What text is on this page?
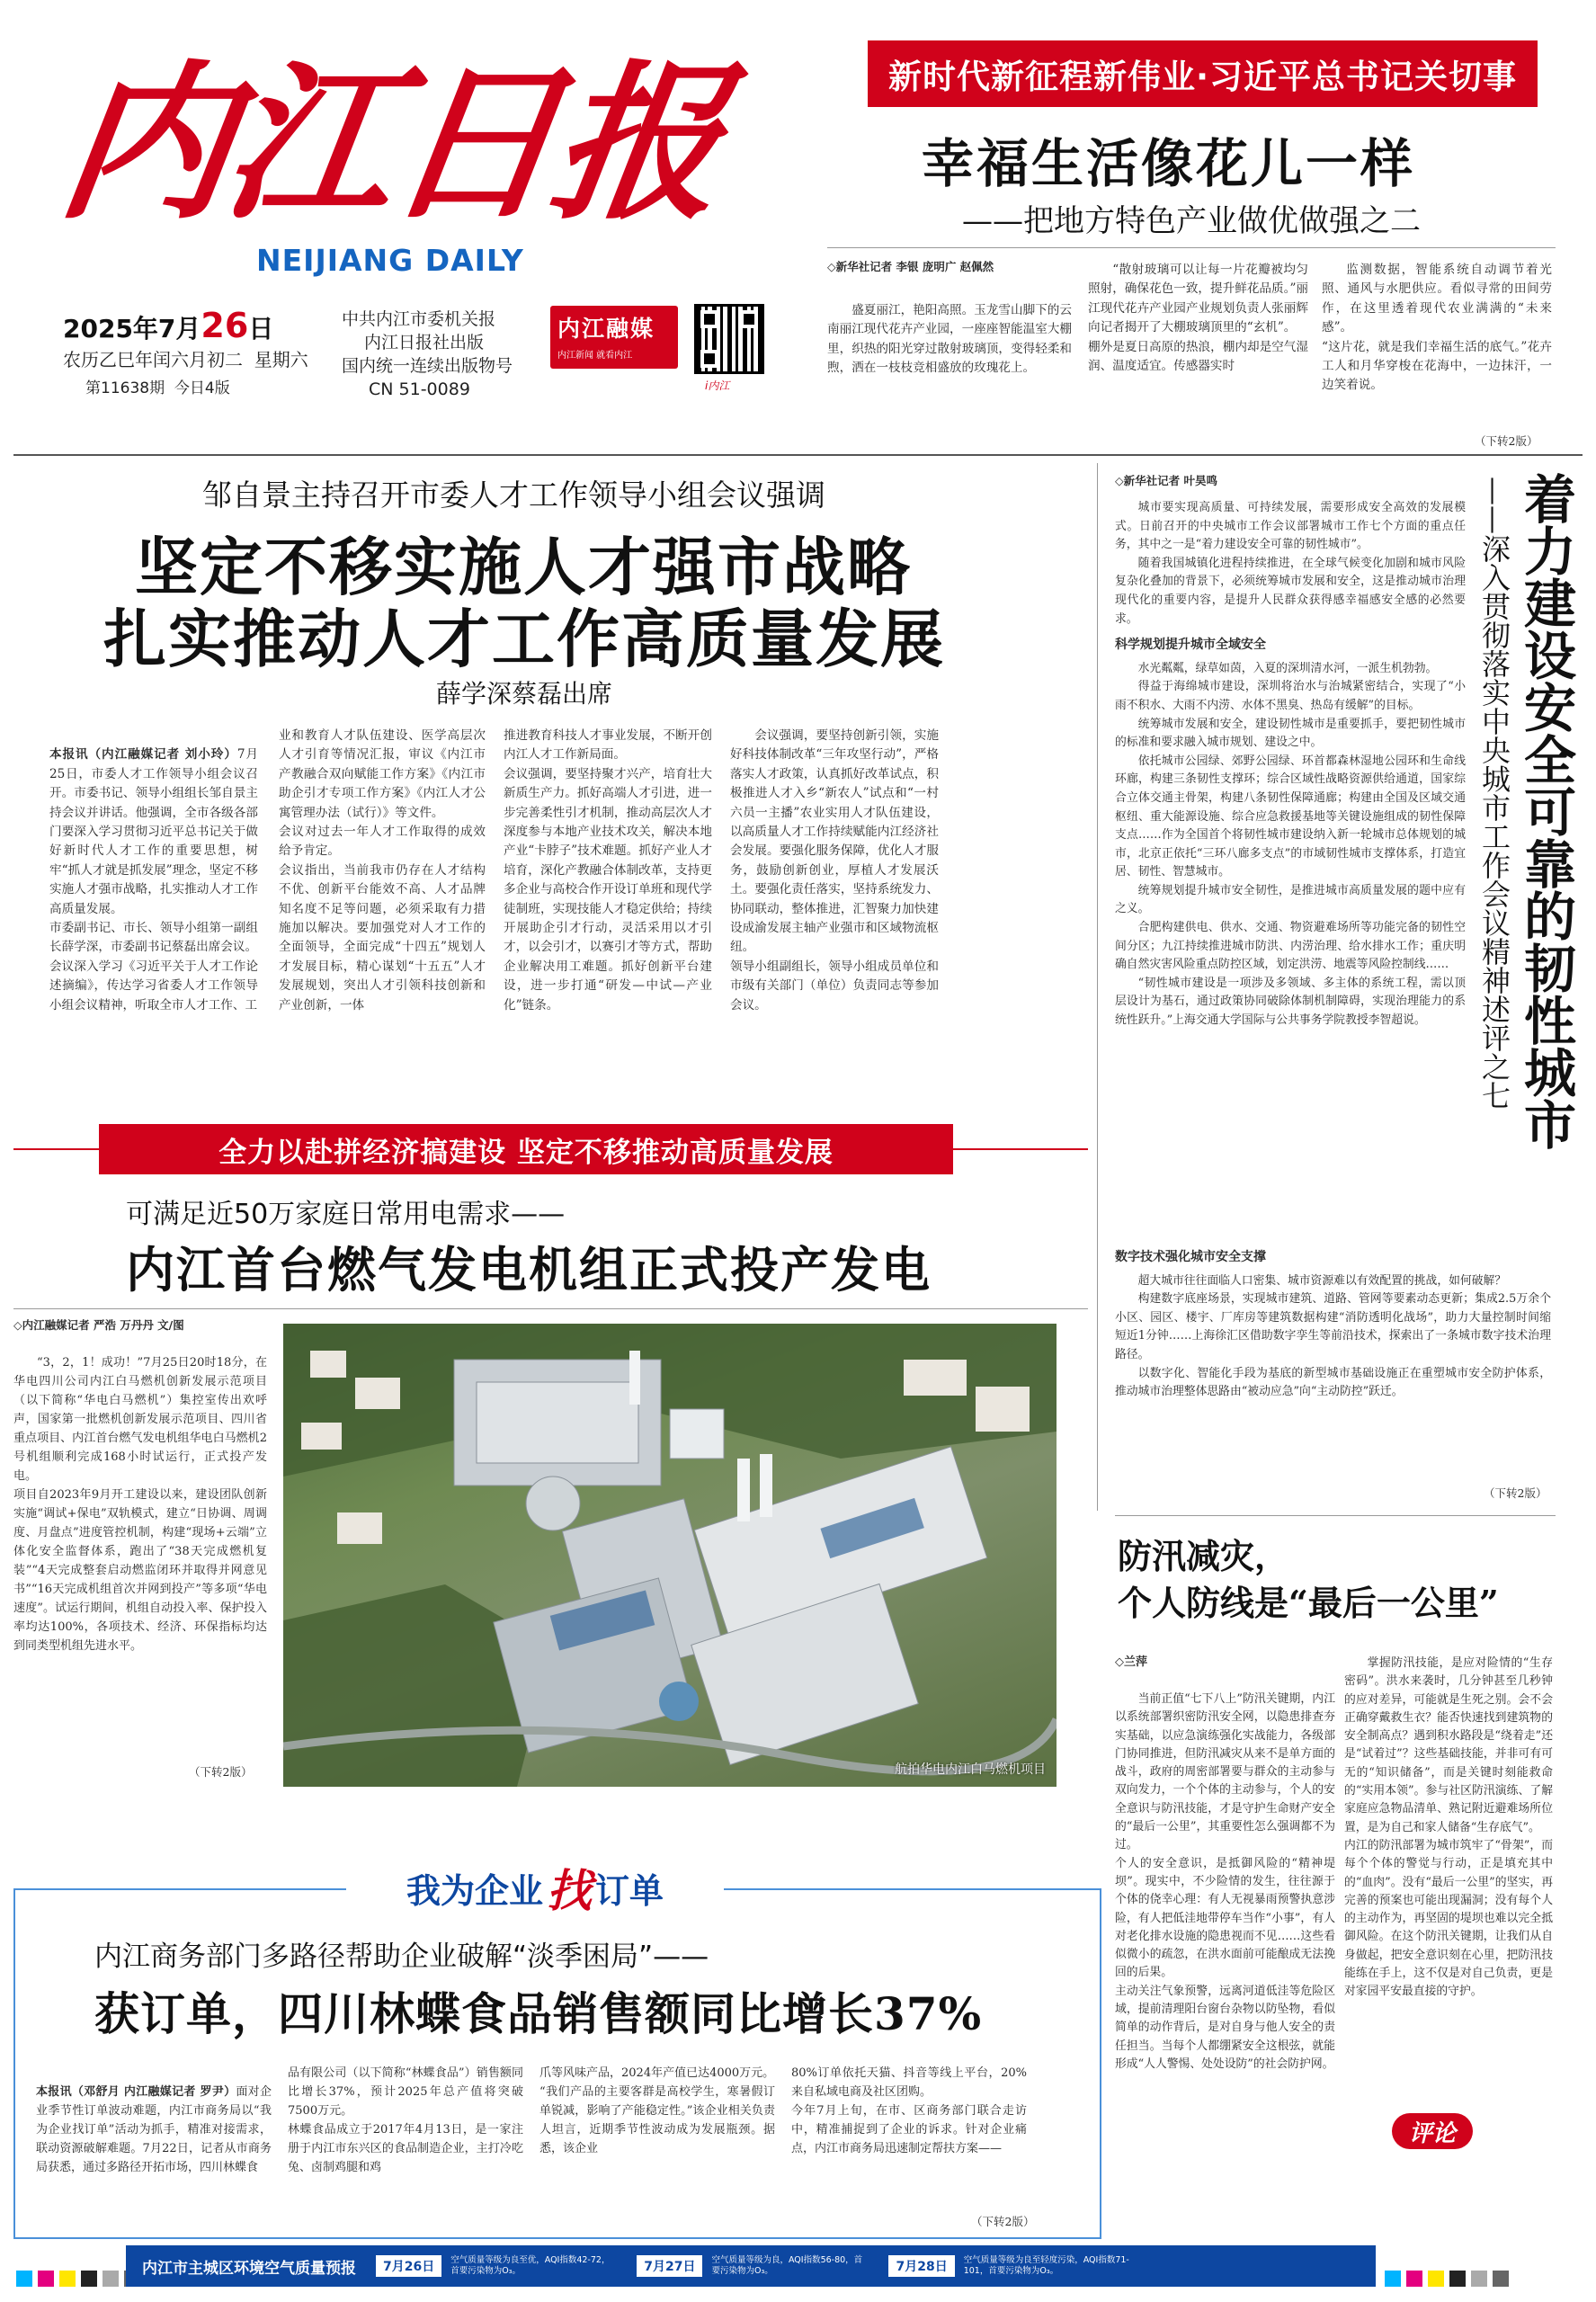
内江日报
NEIJIANG DAILY
2025年7月26日
农历乙巳年闰六月初二 星期六
第11638期 今日4版
中共内江市委机关报
内江日报社出版
国内统一连续出版物号
CN 51-0089
内江融媒
内江新闻 就看内江
i内江
新时代新征程新伟业·习近平总书记关切事
幸福生活像花儿一样
——把地方特色产业做优做强之二
◇新华社记者 李银 庞明广 赵佩然
盛夏丽江，艳阳高照。玉龙雪山脚下的云南丽江现代花卉产业园，一座座智能温室大棚里，织热的阳光穿过散射玻璃顶，变得轻柔和煦，洒在一枝枝竞相盛放的玫瑰花上。
“散射玻璃可以让每一片花瓣被均匀照射，确保花色一致，提升鲜花品质。”丽江现代花卉产业园产业规划负责人张丽辉向记者揭开了大棚玻璃顶里的“玄机”。
棚外是夏日高原的热浪，棚内却是空气湿润、温度适宜。传感器实时
监测数据，智能系统自动调节着光照、通风与水肥供应。看似寻常的田间劳作，在这里透着现代农业满满的“未来感”。
“这片花，就是我们幸福生活的底气。”花卉工人和月华穿梭在花海中，一边抹汗，一边笑着说。
（下转2版）
邹自景主持召开市委人才工作领导小组会议强调
坚定不移实施人才强市战略
扎实推动人才工作高质量发展
薛学深蔡磊出席

本报讯（内江融媒记者 刘小玲）7月25日，市委人才工作领导小组会议召开。市委书记、领导小组组长邹自景主持会议并讲话。他强调，全市各级各部门要深入学习贯彻习近平总书记关于做好新时代人才工作的重要思想，树牢“抓人才就是抓发展”理念，坚定不移实施人才强市战略，扎实推动人才工作高质量发展。
市委副书记、市长、领导小组第一副组长薛学深，市委副书记蔡磊出席会议。
会议深入学习《习近平关于人才工作论述摘编》，传达学习省委人才工作领导小组会议精神，听取全市人才工作、工

业和教育人才队伍建设、医学高层次人才引育等情况汇报，审议《内江市产教融合双向赋能工作方案》《内江市助企引才专项工作方案》《内江人才公寓管理办法（试行）》等文件。
会议对过去一年人才工作取得的成效给予肯定。
会议指出，当前我市仍存在人才结构不优、创新平台能效不高、人才品牌知名度不足等问题，必须采取有力措施加以解决。要加强党对人才工作的全面领导，全面完成“十四五”规划人才发展目标，精心谋划“十五五”人才发展规划，突出人才引领科技创新和产业创新，一体
推进教育科技人才事业发展，不断开创内江人才工作新局面。
会议强调，要坚持聚才兴产，培育壮大新质生产力。抓好高端人才引进，进一步完善柔性引才机制，推动高层次人才深度参与本地产业技术攻关，解决本地产业“卡脖子”技术难题。抓好产业人才培育，深化产教融合体制改革，支持更多企业与高校合作开设订单班和现代学徒制班，实现技能人才稳定供给；持续开展助企引才行动，灵活采用以才引才，以会引才，以赛引才等方式，帮助企业解决用工难题。抓好创新平台建设，进一步打通“研发—中试—产业化”链条。
会议强调，要坚持创新引领，实施好科技体制改革“三年攻坚行动”，严格落实人才政策，认真抓好改革试点，积极推进人才入乡“新农人”试点和“一村六员一主播”农业实用人才队伍建设，以高质量人才工作持续赋能内江经济社会发展。要强化服务保障，优化人才服务，鼓励创新创业，厚植人才发展沃土。要强化责任落实，坚持系统发力、协同联动，整体推进，汇智聚力加快建设成渝发展主轴产业强市和区域物流枢纽。
领导小组副组长，领导小组成员单位和市级有关部门（单位）负责同志等参加会议。
◇新华社记者 叶昊鸣	着力建设安全可靠的韧性城市
——深入贯彻落实中央城市工作会议精神述评之七

城市要实现高质量、可持续发展，需要形成安全高效的发展模式。日前召开的中央城市工作会议部署城市工作七个方面的重点任务，其中之一是“着力建设安全可靠的韧性城市”。

随着我国城镇化进程持续推进，在全球气候变化加剧和城市风险复杂化叠加的背景下，必须统筹城市发展和安全，这是推动城市治理现代化的重要内容，是提升人民群众获得感幸福感安全感的必然要求。

科学规划提升城市全域安全

水光粼粼，绿草如茵，入夏的深圳清水河，一派生机勃勃。

得益于海绵城市建设，深圳将治水与治城紧密结合，实现了“小雨不积水、大雨不内涝、水体不黑臭、热岛有缓解”的目标。

统筹城市发展和安全，建设韧性城市是重要抓手，要把韧性城市的标准和要求融入城市规划、建设之中。

依托城市公园绿、郊野公园绿、环首都森林湿地公园环和生命线环廊，构建三条韧性支撑环；综合区域性战略资源供给通道，国家综合立体交通主骨架，构建八条韧性保障通廊；构建由全国及区域交通枢纽、重大能源设施、综合应急救援基地等关键设施组成的韧性保障支点……作为全国首个将韧性城市建设纳入新一轮城市总体规划的城市，北京正依托“三环八廊多支点”的市域韧性城市支撑体系，打造宜居、韧性、智慧城市。

统筹规划提升城市安全韧性，是推进城市高质量发展的题中应有之义。

合肥构建供电、供水、交通、物资避难场所等功能完备的韧性空间分区；九江持续推进城市防洪、内涝治理、给水排水工作；重庆明确自然灾害风险重点防控区域，划定洪涝、地震等风险控制线……

“韧性城市建设是一项涉及多领域、多主体的系统工程，需以顶层设计为基石，通过政策协同破除体制机制障碍，实现治理能力的系统性跃升。”上海交通大学国际与公共事务学院教授李智超说。

数字技术强化城市安全支撑

超大城市往往面临人口密集、城市资源难以有效配置的挑战，如何破解？

构建数字底座场景，实现城市建筑、道路、管网等要素动态更新；集成2.5万余个小区、园区、楼宇、厂库房等建筑数据构建“消防透明化战场”，助力大量控制时间缩短近1分钟……上海徐汇区借助数字孪生等前沿技术，探索出了一条城市数字技术治理路径。

以数字化、智能化手段为基底的新型城市基础设施正在重塑城市安全防护体系，推动城市治理整体思路由“被动应急”向“主动防控”跃迁。

（下转2版）
全力以赴拼经济搞建设 坚定不移推动高质量发展
可满足近50万家庭日常用电需求——
内江首台燃气发电机组正式投产发电
◇内江融媒记者 严浩 万丹丹 文/图
“3，2，1！成功！”7月25日20时18分，在华电四川公司内江白马燃机创新发展示范项目（以下简称“华电白马燃机”）集控室传出欢呼声，国家第一批燃机创新发展示范项目、四川省重点项目、内江首台燃气发电机组华电白马燃机2号机组顺利完成168小时试运行，正式投产发电。
项目自2023年9月开工建设以来，建设团队创新实施“调试+保电”双轨模式，建立“日协调、周调度、月盘点”进度管控机制，构建“现场+云端”立体化安全监督体系，跑出了“38天完成燃机复装”“4天完成整套启动燃监闭环并取得并网意见书”“16天完成机组首次并网到投产”等多项“华电速度”。试运行期间，机组自动投入率、保护投入率均达100%，各项技术、经济、环保指标均达到同类型机组先进水平。
（下转2版）	航拍华电内江白马燃机项目
防汛减灾，
个人防线是“最后一公里”
◇兰萍
当前正值“七下八上”防汛关键期，内江以系统部署织密防汛安全网，以隐患排查夯实基础，以应急演练强化实战能力，各级部门协同推进，但防汛减灾从来不是单方面的战斗，政府的周密部署要与群众的主动参与双向发力，一个个体的主动参与，个人的安全意识与防汛技能，才是守护生命财产安全的“最后一公里”，其重要性怎么强调都不为过。
个人的安全意识，是抵御风险的“精神堤坝”。现实中，不少险情的发生，往往源于个体的侥幸心理：有人无视暴雨预警执意涉险，有人把低洼地带停车当作“小事”，有人对老化排水设施的隐患视而不见……这些看似微小的疏忽，在洪水面前可能酿成无法挽回的后果。
主动关注气象预警，远离河道低洼等危险区域，提前清理阳台窗台杂物以防坠物，看似简单的动作背后，是对自身与他人安全的责任担当。当每个人都绷紧安全这根弦，就能形成“人人警惕、处处设防”的社会防护网。
掌握防汛技能，是应对险情的“生存密码”。洪水来袭时，几分钟甚至几秒钟的应对差异，可能就是生死之别。会不会正确穿戴救生衣？能否快速找到建筑物的安全制高点？遇到积水路段是“绕着走”还是“试着过”？这些基础技能，并非可有可无的“知识储备”，而是关键时刻能救命的“实用本领”。参与社区防汛演练、了解家庭应急物品清单、熟记附近避难场所位置，是为自己和家人储备“生存底气”。
内江的防汛部署为城市筑牢了“骨架”，而每个个体的警觉与行动，正是填充其中的“血肉”。没有“最后一公里”的坚实，再完善的预案也可能出现漏洞；没有每个人的主动作为，再坚固的堤坝也难以完全抵御风险。在这个防汛关键期，让我们从自身做起，把安全意识刻在心里，把防汛技能练在手上，这不仅是对自己负责，更是对家园平安最直接的守护。
评论
我为企业 找 订单
内江商务部门多路径帮助企业破解“淡季困局”——
获订单，四川林蝶食品销售额同比增长37%

本报讯（邓舒月 内江融媒记者 罗尹）面对企业季节性订单波动难题，内江市商务局以“我为企业找订单”活动为抓手，精准对接需求，联动资源破解难题。7月22日，记者从市商务局获悉，通过多路径开拓市场，四川林蝶食

品有限公司（以下简称“林蝶食品”）销售额同比增长37%，预计2025年总产值将突破7500万元。
林蝶食品成立于2017年4月13日，是一家注册于内江市东兴区的食品制造企业，主打冷吃兔、卤制鸡腿和鸡
爪等风味产品，2024年产值已达4000万元。
“我们产品的主要客群是高校学生，寒暑假订单锐减，影响了产能稳定性。”该企业相关负责人坦言，近期季节性波动成为发展瓶颈。据悉，该企业
80%订单依托天猫、抖音等线上平台，20%来自私域电商及社区团购。
今年7月上旬，在市、区商务部门联合走访中，精准捕捉到了企业的诉求。针对企业痛点，内江市商务局迅速制定帮扶方案——
（下转2版）
内江市主城区环境空气质量预报	7月26日	空气质量等级为良至优，AQI指数42-72，首要污染物为O₃。	7月27日	空气质量等级为良，AQI指数56-80，首要污染物为O₃。	7月28日	空气质量等级为良至轻度污染，AQI指数71-101，首要污染物为O₃。
